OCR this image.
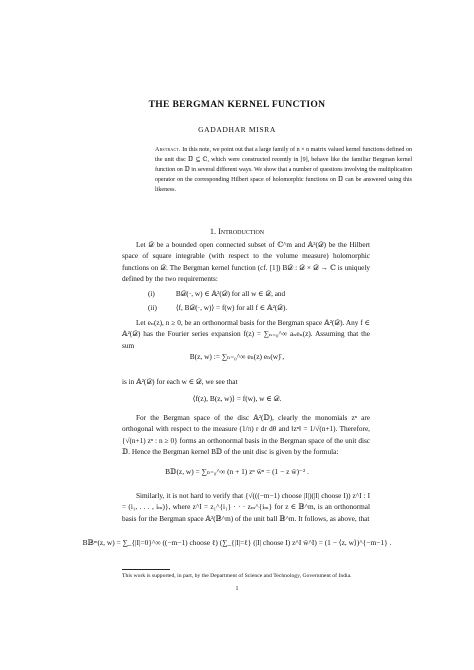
THE BERGMAN KERNEL FUNCTION
GADADHAR MISRA
Abstract. In this note, we point out that a large family of n × n matrix valued kernel functions defined on the unit disc 𝔻 ⊆ ℂ, which were constructed recently in [9], behave like the familiar Bergman kernel function on 𝔻 in several different ways. We show that a number of questions involving the multiplication operator on the corresponding Hilbert space of holomorphic functions on 𝔻 can be answered using this likeness.
1. Introduction
Let 𝒟 be a bounded open connected subset of ℂ^m and 𝔸²(𝒟) be the Hilbert space of square integrable (with respect to the volume measure) holomorphic functions on 𝒟. The Bergman kernel function (cf. [1]) B𝒟 : 𝒟 × 𝒟 → ℂ is uniquely defined by the two requirements:
(i)	B𝒟(·, w) ∈ 𝔸²(𝒟) for all w ∈ 𝒟, and
(ii)	⟨f, B𝒟(·, w)⟩ = f(w) for all f ∈ 𝔸²(𝒟).
Let eₙ(z), n ≥ 0, be an orthonormal basis for the Bergman space 𝔸²(𝒟). Any f ∈ 𝔸²(𝒟) has the Fourier series expansion f(z) = ∑ₙ₌₀^∞ aₙeₙ(z). Assuming that the sum
B(z, w) := ∑ₙ₌₀^∞ eₙ(z) eₙ(w)̄ ,
is in 𝔸²(𝒟) for each w ∈ 𝒟, we see that
⟨f(z), B(z, w)⟩ = f(w), w ∈ 𝒟.
For the Bergman space of the disc 𝔸²(𝔻), clearly the monomials zⁿ are orthogonal with respect to the measure (1/π) r dr dθ and ‖zⁿ‖ = 1/√(n+1). Therefore, {√(n+1) zⁿ : n ≥ 0} forms an orthonormal basis in the Bergman space of the unit disc 𝔻. Hence the Bergman kernel B𝔻 of the unit disc is given by the formula:
B𝔻(z, w) = ∑ₙ₌₀^∞ (n + 1) zⁿ w̄ⁿ = (1 − z w̄)⁻² .
Similarly, it is not hard to verify that {√(((−m−1) choose |I|)(|I| choose I)) z^I : I = (i₁, . . . , iₘ)}, where z^I = z₁^{i₁} · · · zₘ^{iₘ} for z ∈ 𝔹^m, is an orthonormal basis for the Bergman space 𝔸²(𝔹^m) of the unit ball 𝔹^m. It follows, as above, that
B𝔹ᵐ(z, w) = ∑_{|I|=0}^∞ ((−m−1) choose ℓ) (∑_{|I|=ℓ} (|I| choose I) z^I w̄^I) = (1 − ⟨z, w⟩)^{−m−1} .
This work is supported, in part, by the Department of Science and Technology, Government of India.
1
